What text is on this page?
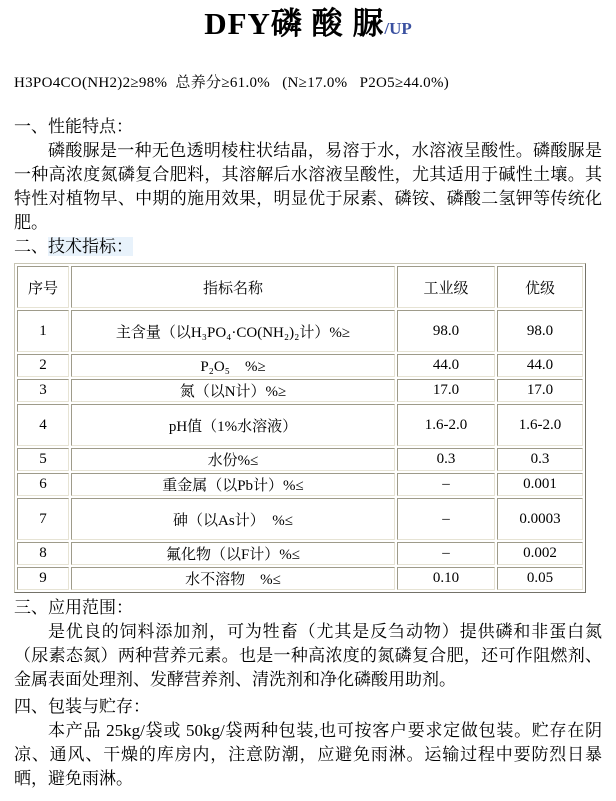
DFY磷 酸 脲/UP
H3PO4CO(NH2)2≥98%  总养分≥61.0%   (N≥17.0%   P2O5≥44.0%)
一、性能特点：

磷酸脲是一种无色透明棱柱状结晶，易溶于水，水溶液呈酸性。磷酸脲是一种高浓度氮磷复合肥料，其溶解后水溶液呈酸性，尤其适用于碱性土壤。其特性对植物早、中期的施用效果，明显优于尿素、磷铵、磷酸二氢钾等传统化肥。

二、技术指标：
序号	指标名称	工业级	优级
1	主含量（以H₃PO₄·CO(NH₂)₂计）%≥	98.0	98.0
2	P₂O₅　%≥	44.0	44.0
3	氮（以N计）%≥	17.0	17.0
4	pH值（1%水溶液）	1.6-2.0	1.6-2.0
5	水份%≤	0.3	0.3
6	重金属（以Pb计）%≤	–	0.001
7	砷（以As计）　%≤	–	0.0003
8	氟化物（以F计）%≤	–	0.002
9	水不溶物　%≤	0.10	0.05
三、应用范围：

是优良的饲料添加剂，可为牲畜（尤其是反刍动物）提供磷和非蛋白氮（尿素态氮）两种营养元素。也是一种高浓度的氮磷复合肥，还可作阻燃剂、金属表面处理剂、发酵营养剂、清洗剂和净化磷酸用助剂。

四、包装与贮存：

本产品 25kg/袋或 50kg/袋两种包装,也可按客户要求定做包装。贮存在阴凉、通风、干燥的库房内，注意防潮，应避免雨淋。运输过程中要防烈日暴晒，避免雨淋。
